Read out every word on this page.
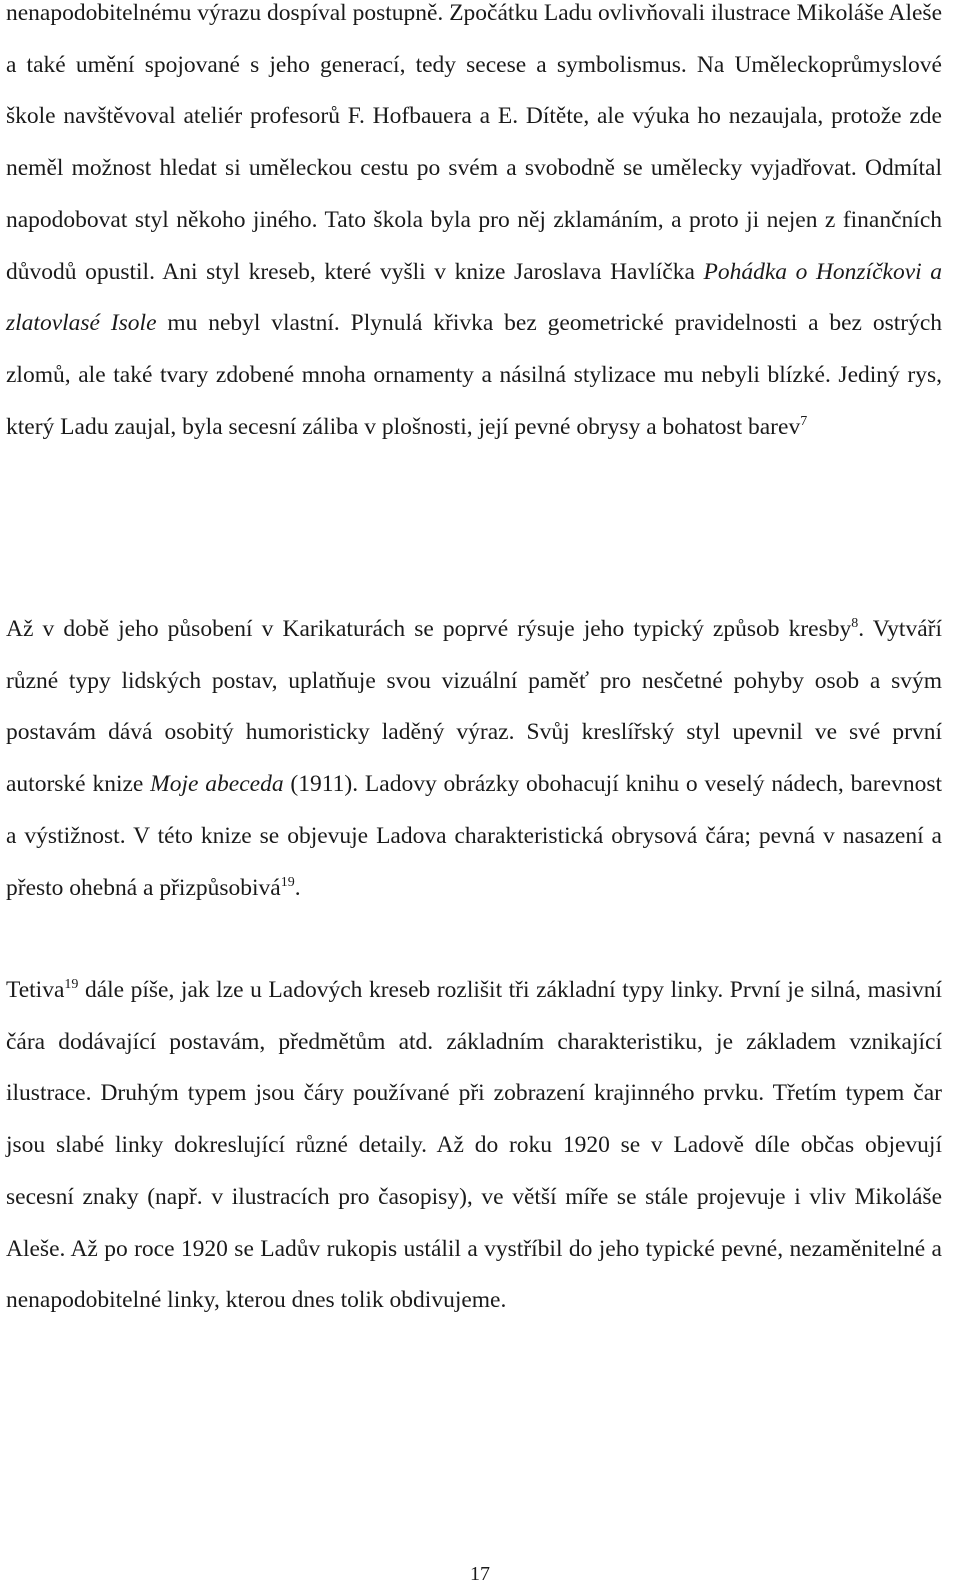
nenapodobitelnému výrazu dospíval postupně. Zpočátku Ladu ovlivňovali ilustrace Mikoláše Aleše a také umění spojované s jeho generací, tedy secese a symbolismus. Na Uměleckoprůmyslové škole navštěvoval ateliér profesorů F. Hofbauera a E. Dítěte, ale výuka ho nezaujala, protože zde neměl možnost hledat si uměleckou cestu po svém a svobodně se umělecky vyjadřovat. Odmítal napodobovat styl někoho jiného. Tato škola byla pro něj zklamáním, a proto ji nejen z finančních důvodů opustil. Ani styl kreseb, které vyšli v knize Jaroslava Havlíčka Pohádka o Honzíčkovi a zlatovlasé Isole mu nebyl vlastní. Plynulá křivka bez geometrické pravidelnosti a bez ostrých zlomů, ale také tvary zdobené mnoha ornamenty a násilná stylizace mu nebyli blízké. Jediný rys, který Ladu zaujal, byla secesní záliba v plošnosti, její pevné obrysy a bohatost barev$^7$

Až v době jeho působení v Karikaturách se poprvé rýsuje jeho typický způsob kresby$^8$. Vytváří různé typy lidských postav, uplatňuje svou vizuální paměť pro nesčetné pohyby osob a svým postavám dává osobitý humoristicky laděný výraz. Svůj kreslířský styl upevnil ve své první autorské knize Moje abeceda (1911). Ladovy obrázky obohacují knihu o veselý nádech, barevnost a výstižnost. V této knize se objevuje Ladova charakteristická obrysová čára; pevná v nasazení a přesto ohebná a přizpůsobivá$^{19}$.

Tetiva$^{19}$ dále píše, jak lze u Ladových kreseb rozlišit tři základní typy linky. První je silná, masivní čára dodávající postavám, předmětům atd. základním charakteristiku, je základem vznikající ilustrace. Druhým typem jsou čáry používané při zobrazení krajinného prvku. Třetím typem čar jsou slabé linky dokreslující různé detaily. Až do roku 1920 se v Ladově díle občas objevují secesní znaky (např. v ilustracích pro časopisy), ve větší míře se stále projevuje i vliv Mikoláše Aleše. Až po roce 1920 se Ladův rukopis ustálil a vystříbil do jeho typické pevné, nezaměnitelné a nenapodobitelné linky, kterou dnes tolik obdivujeme.

17
